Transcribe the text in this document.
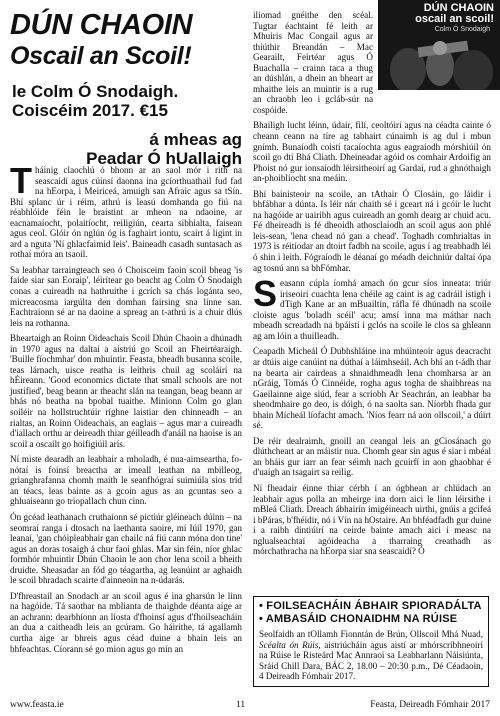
DÚN CHAOIN
Oscail an Scoil!
le Colm Ó Snodaigh.
Coiscéim 2017. €15
á mheas ag
Peadar Ó hUallaigh

Tháinig claochlú ó bhonn ar an saol mór i rith na seascaidí agus cúinsí daonna ina gcíorthuathail fud fad na hEorpa, i Meiriceá, amuigh san Afraic agus sa tSín. Bhí splanc úr i réim, athrú is leasú domhanda go fiú na réabhlóide féin le braistint ar mheon na ndaoine, ar eacnamaíocht, polaitíocht, reiligiún, cearta sibhialta, faisean agus ceol. Glóir ón nglún óg is faghairt iontu, scairt á ligint in ard a nguta 'Ní ghlacfaimid leis'. Baineadh casadh suntasach as rothaí móra an tsaoil.

Sa leabhar tarraingteach seo ó Choisceim faoin scoil bheag 'is faide siar san Eoraip', léirítear go beacht ag Colm Ó Snodaigh conas a cuireadh na hathruithe i gcrích sa chás logánta seo, micreacosma iargúlta den domhan fairsing sna línne san. Eachtraíonn sé ar na daoine a spreag an t-athrú is a chuir dlús leis na rothanna.

Bheartaigh an Roinn Oideachais Scoil Dhún Chaoin a dhúnadh in 1970 agus na daltaí a aistriú go Scoil an Fheirtéaraigh. 'Buille fíochmhar' don mhuintir. Feasta, bheadh busanna scoile, teas lárnach, uisce reatha is leithris chuil ag scoláirí na hÉireann. 'Good economics dictate that small schools are not justified', beag beann ar theacht slán na teangan, beag beann ar bhás nó beatha na bpobal tuaithe. Minionn Colm go glan soiléir na hollstruchtúir ríghne laistiar den chinneadh – an rialtas, an Roinn Oideachais, an eaglais – agus mar a cuireadh d'iallach orthu ar deireadh thiar géilleadh d'anáil na haoise is an scoil a oscailt go hoifigiúil arís.

Ní miste dearadh an leabhair a mholadh, é nua-aimseartha, fo-nótaí is foinsí breactha ar imeall leathan na mbilleog, grianghrafanna chomh maith le seanfhógraí suimiúla sios tríd an téacs, leas bainte as a gcoin agus as an gcuntas seo a ghluaiseann go triopallach chun cinn.

Ón gcéad leathanach cruthaíonn sé pictiúr gléineach dúinn – na seomraí ranga í dtosach na laethanta saoire, mí Iúil 1970, gan leanaí, 'gan chóipleabhair gan chailc ná fiú cann móna don tine' agus an doras tosaigh á chur faoi ghlas. Mar sin féin, níor ghlac formhór mhuintir Dhún Chaoin le aon chor lena scoil a bheith druidte. Sheasadar an fód go téagartha, ag leanúint ar aghaidh le scoil bhradach scairte d'ainneoin na n-údarás.

D'fhreastail an Snodach ar an scoil agus é ina gharsún le linn na hagóide. Tá saothar na mblianta de thaighde déanta aige ar an achrann: dearbhíonn an líosta d'fhoinsí agus d'fhoilseacháin an dua a caitheadh leis an gcúram. Go háirithe, tá agallamh curtha aige ar bhreis agus céad duine a bhain leis an bhfeachtas. Cíorann sé go mion agus go mín an

DÚN CHAOIN
oscail an scoil!
Colm Ó Snodaigh

iliomad gnéithe den scéal. Tugtar éachtaint fé leith ar Mhuiris Mac Congail agus ar thiúthir Breandán – Mac Gearailt, Feirtéar agus Ó Buachalla – crainn taca a thug an dúshlán, a dhein an bheart ar mhaithe leis an muintir is a rug an chraobh leo i gcláb-súr na cospóide.

Bhailigh lucht léinn, údair, filí, ceoltóirí agus na céadta cainte ó cheann ceann na tíre ag tabhairt cúnaimh is ag dul i mbun gnímh. Bunaíodh coistí tacaíochta agus eagraíodh mórshiúil ón scoil go dtí Bhá Cliath. Dheineadar agóid os comhair Ardoifig an Phoist nó gur ionsaíodh léirsitheoirí ag Gardaí, rud a ghnóthaigh an-phoiblíocht sna meáin.

Bhí bainisteoir na scoile, an tAthair Ó Closáin, go láidir i bhfábhar a dúnta. Is léir nár chaith sé i gceart ná i gcóir le lucht na hagóide ar uairibh agus cuireadh an gomh dearg ar chuid acu. Fé dheireadh is fé dheoidh athosclaíodh an scoil agus aon phlé leis-sean, 'lena chead nó gan a chead'. Toghadh comhrialtas in 1973 is réitíodar an dtoirt fadbh na scoile, agus í ag treabhadh léi ó shin i leith. Fógraíodh le déanaí go méadh deichniúr daltaí ópa ag tosnú ann sa bhFómhar.

Seasann cúpla íomhá amach ón gcur síos inneata: triúr iriseoirí cuachta lena chéile ag caint is ag cadráil istigh i dTigh Kane ar an mBuailtín, ráfla fé dhúnadh na scoile cloiste agus 'boladh scéil' acu; amsí inna ma máthar nach mbeadh screadadh na bpáistí i gclós na scoile le clos sa ghleann ag am lóin a thuilleadh.

Ceapadh Mícheál Ó Dubhshláine ina mhúinteoir agus deacracht ar dtúis aige canúint na dúthaí a láimhseáil. Ach bhí an t-ádh thar na bearta air cairdeas a shnaidhmeadh lena chomharsa ar an nGráig, Tomás Ó Cinnéide, rogha agus togha de shaibhreas na Gaeilainne aige siúd, fear a scríobh Ar Seachrán, an leabhar ba sheodmhaire go deo, is dóigh, ó na saolta san. Níorbh fhada gur bhain Mícheál líofacht amach. 'Níos fearr ná aon ollscoil,' a dúirt sé.

De réir dealraimh, gnoill an ceangal leis an gCiosánach go dlúthcheart ar an máistir nua. Chomh gear sin agus é siar i mbéal an bháis gur iarr an fear séimh nach gcuirfí in aon ghaobhar é d'uaigh an tsagairt sa reilig.

Ní fheadair éinne thiar cérbh í an ógbhean ar chlúdach an leabhair agus polla an mheirge ina dorn aici le linn léirsithe i mBleá Cliath. Dreach ábhairín imigéineach uirthi, gnúis a gcifeá i bPáras, b'fhéidir, nó i Vín na hOstaire. An bhféadfadh gur duine í a raibh dintiúirí na ceirde bainte amach aici i measc na nglualseachtaí agóideacha a tharraing creathadh as mórchathracha na hEorpa siar sna seascaidí? Ó

• FOILSEACHÁIN ÁBHAIR SPIORADÁLTA
• AMBASÁID CHONAIDHM NA RÚISE
Seolfaidh an tOllamh Fionntán de Brún, Ollscoil Mhá Nuad, Scéalta ón Rúis, aistriúcháin agus aistí ar mhórscríbhneoirí na Rúise le Risteárd Mac Annraoi sa Leabharlann Náisiúnta, Sráid Chill Dara, BÁC 2, 18.00 – 20:30 p.m., Dé Céadaoin, 4 Deireadh Fómhair 2017.
www.feasta.ie	11	Feasta, Deireadh Fómhair 2017
